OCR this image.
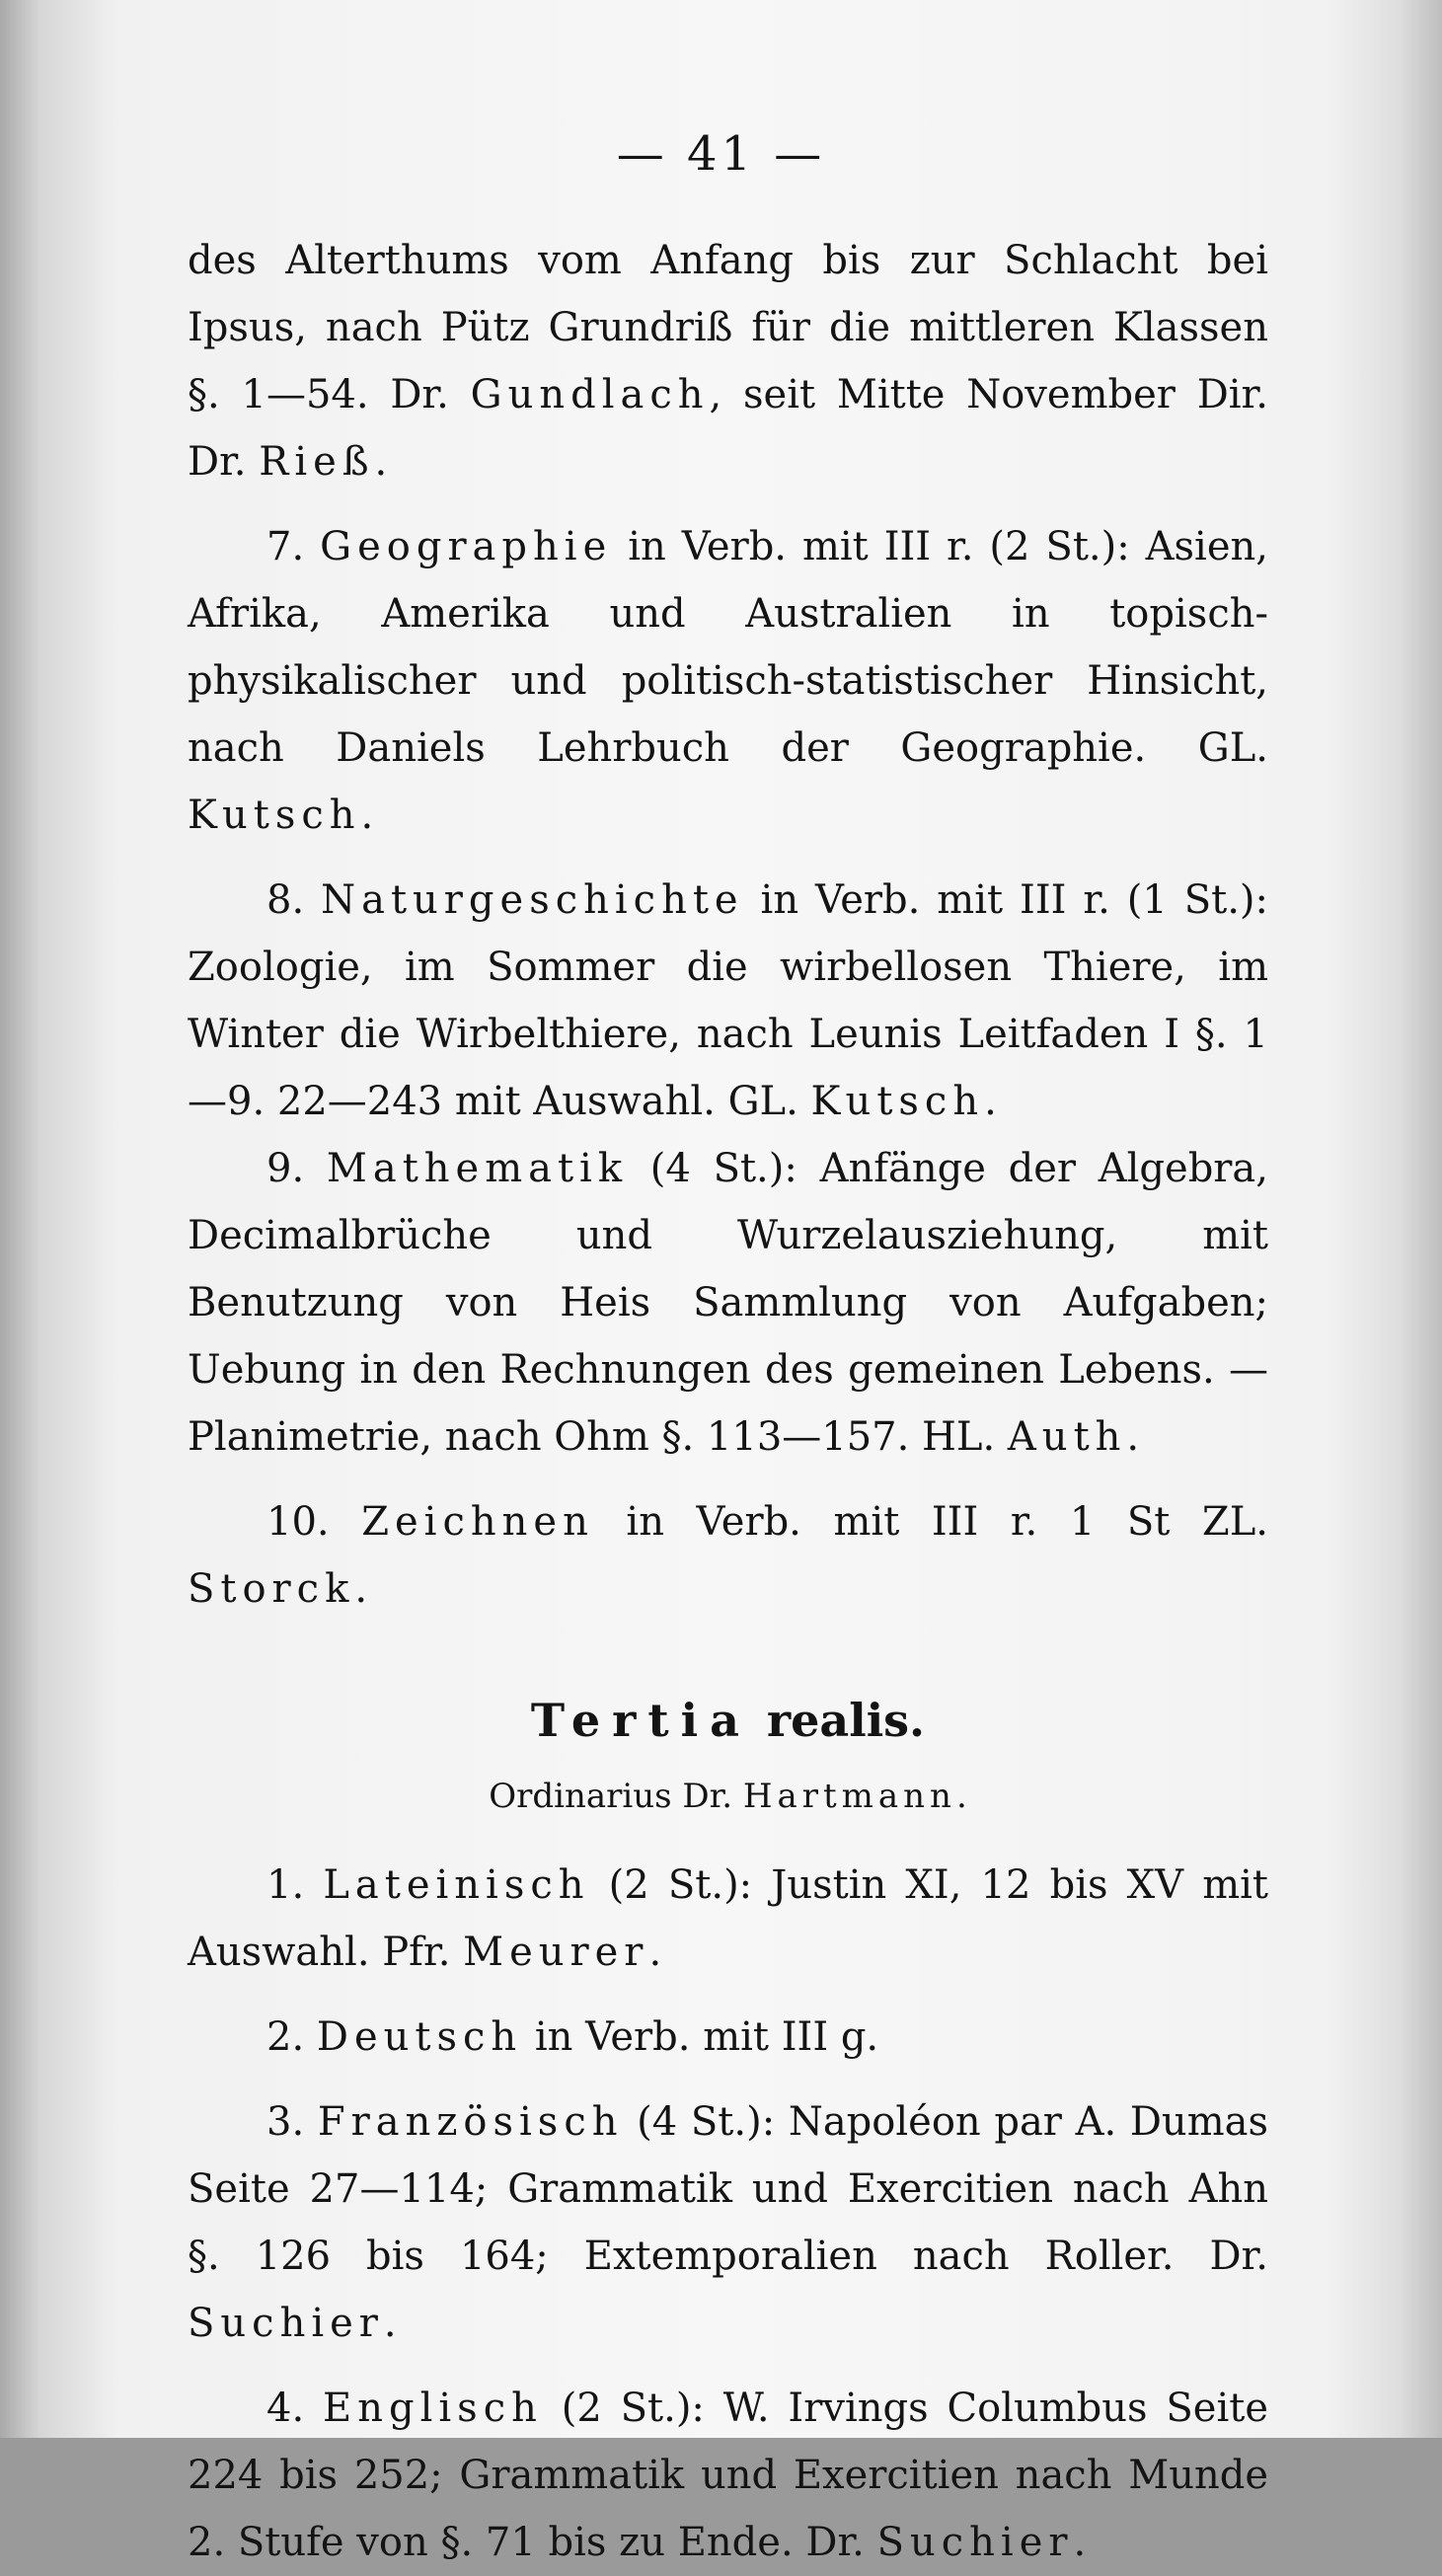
— 41 —

des Alterthums vom Anfang bis zur Schlacht bei Ipsus, nach Pütz Grundriß für die mittleren Klassen §. 1—54. Dr. Gundlach, seit Mitte November Dir. Dr. Rieß.

7. Geographie in Verb. mit III r. (2 St.): Asien, Afrika, Amerika und Australien in topisch-physikalischer und politisch-statistischer Hinsicht, nach Daniels Lehrbuch der Geographie. GL. Kutsch.

8. Naturgeschichte in Verb. mit III r. (1 St.): Zoologie, im Sommer die wirbellosen Thiere, im Winter die Wirbelthiere, nach Leunis Leitfaden I §. 1—9. 22—243 mit Auswahl. GL. Kutsch.

9. Mathematik (4 St.): Anfänge der Algebra, Decimalbrüche und Wurzelausziehung, mit Benutzung von Heis Sammlung von Aufgaben; Uebung in den Rechnungen des gemeinen Lebens. — Planimetrie, nach Ohm §. 113—157. HL. Auth.

10. Zeichnen in Verb. mit III r. 1 St ZL. Storck.

Tertia realis.
Ordinarius Dr. Hartmann.

1. Lateinisch (2 St.): Justin XI, 12 bis XV mit Auswahl. Pfr. Meurer.

2. Deutsch in Verb. mit III g.

3. Französisch (4 St.): Napoléon par A. Dumas Seite 27—114; Grammatik und Exercitien nach Ahn §. 126 bis 164; Extemporalien nach Roller. Dr. Suchier.

4. Englisch (2 St.): W. Irvings Columbus Seite 224 bis 252; Grammatik und Exercitien nach Munde 2. Stufe von §. 71 bis zu Ende. Dr. Suchier.
